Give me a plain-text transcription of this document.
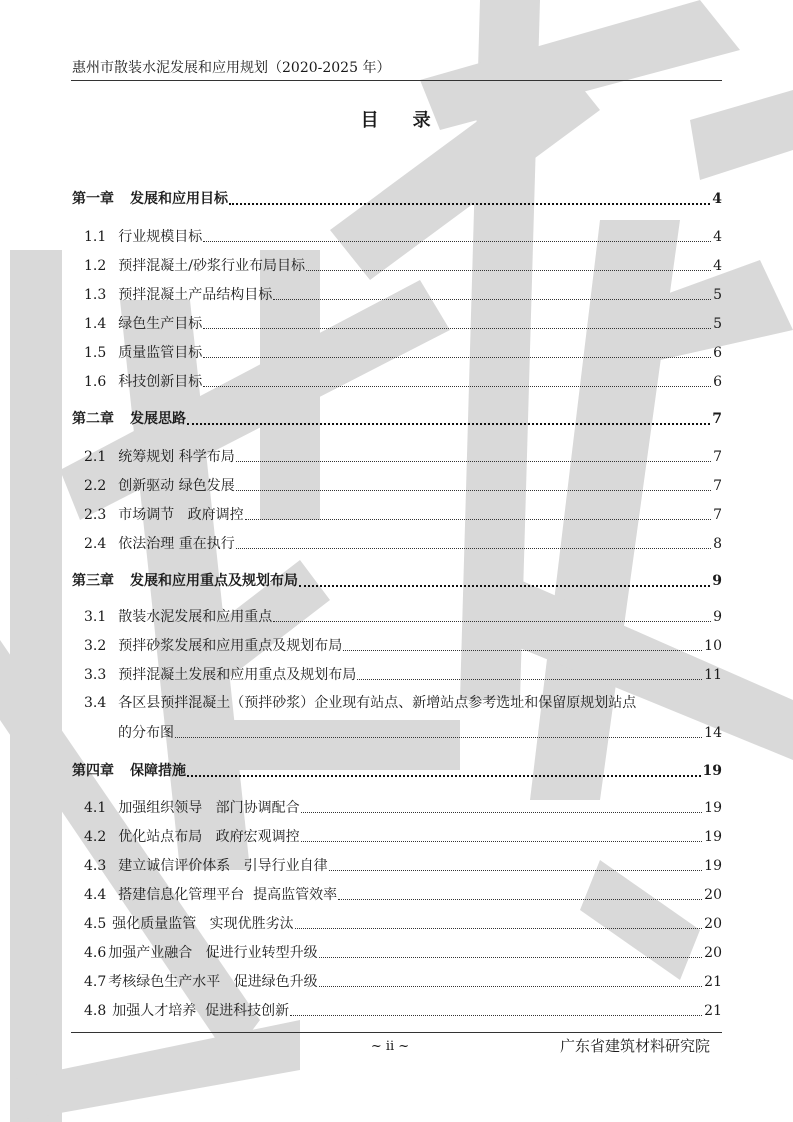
惠州市散装水泥发展和应用规划（2020-2025 年）
目    录
第一章 发展和应用目标	4
1.1 行业规模目标	4
1.2 预拌混凝土/砂浆行业布局目标	4
1.3 预拌混凝土产品结构目标	5
1.4 绿色生产目标	5
1.5 质量监管目标	6
1.6 科技创新目标	6
第二章 发展思路	7
2.1 统筹规划 科学布局	7
2.2 创新驱动 绿色发展	7
2.3 市场调节   政府调控	7
2.4 依法治理 重在执行	8
第三章 发展和应用重点及规划布局	9
3.1 散装水泥发展和应用重点	9
3.2 预拌砂浆发展和应用重点及规划布局	10
3.3 预拌混凝土发展和应用重点及规划布局	11
3.4 各区县预拌混凝土（预拌砂浆）企业现有站点、新增站点参考选址和保留原规划站点
的分布图	14
第四章 保障措施	19
4.1 加强组织领导   部门协调配合	19
4.2 优化站点布局   政府宏观调控	19
4.3 建立诚信评价体系   引导行业自律	19
4.4 搭建信息化管理平台  提高监管效率	20
4.5 强化质量监管   实现优胜劣汰	20
4.6 加强产业融合   促进行业转型升级	20
4.7 考核绿色生产水平   促进绿色升级	21
4.8 加强人才培养  促进科技创新	21
~ ii ~	广东省建筑材料研究院
